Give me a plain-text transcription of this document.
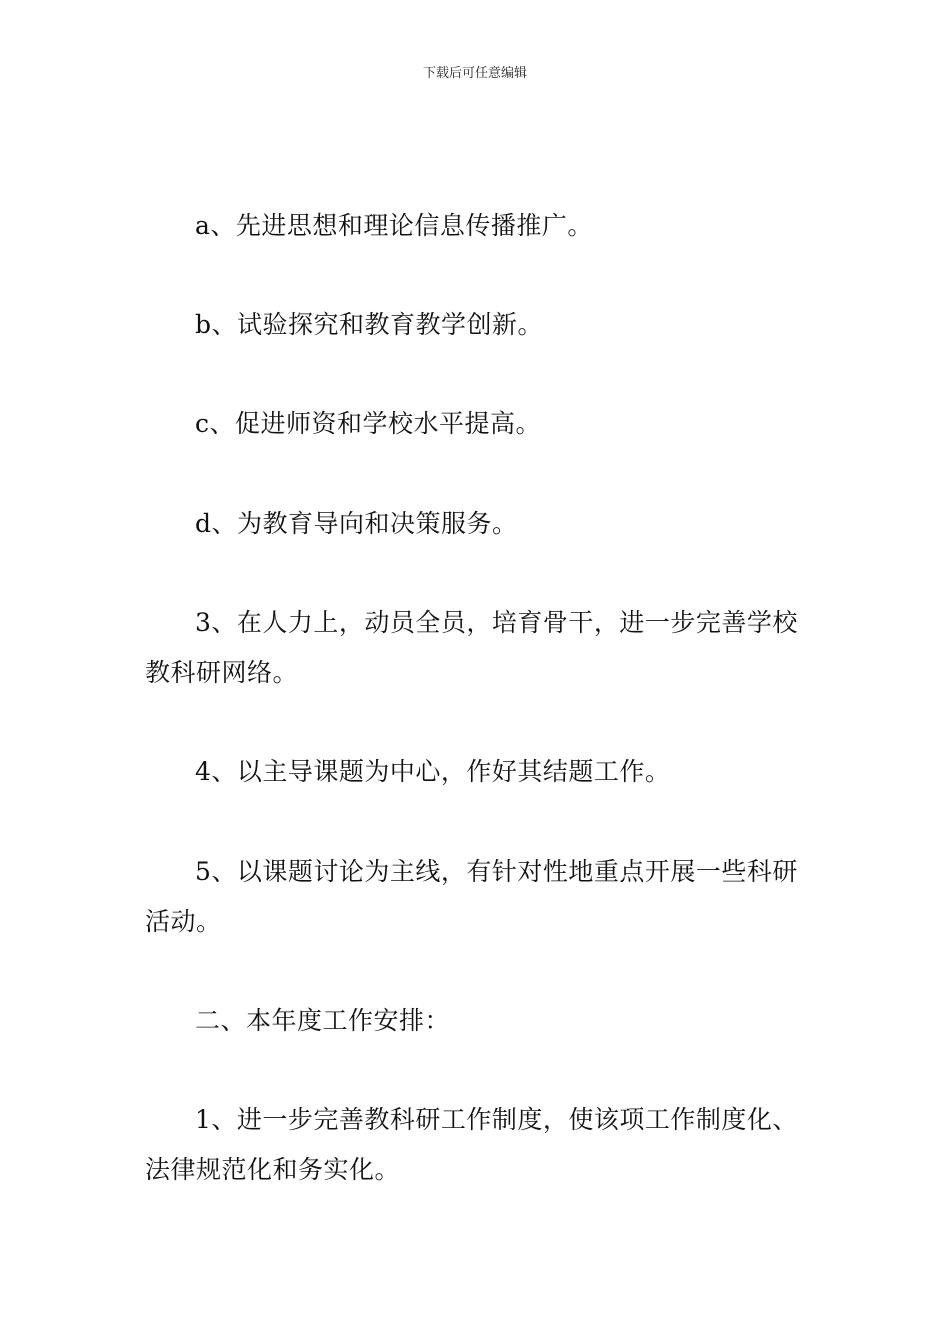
下载后可任意编辑

a、先进思想和理论信息传播推广。

b、试验探究和教育教学创新。

c、促进师资和学校水平提高。

d、为教育导向和决策服务。

3、在人力上，动员全员，培育骨干，进一步完善学校教科研网络。

4、以主导课题为中心，作好其结题工作。

5、以课题讨论为主线，有针对性地重点开展一些科研活动。

二、本年度工作安排：

1、进一步完善教科研工作制度，使该项工作制度化、法律规范化和务实化。
